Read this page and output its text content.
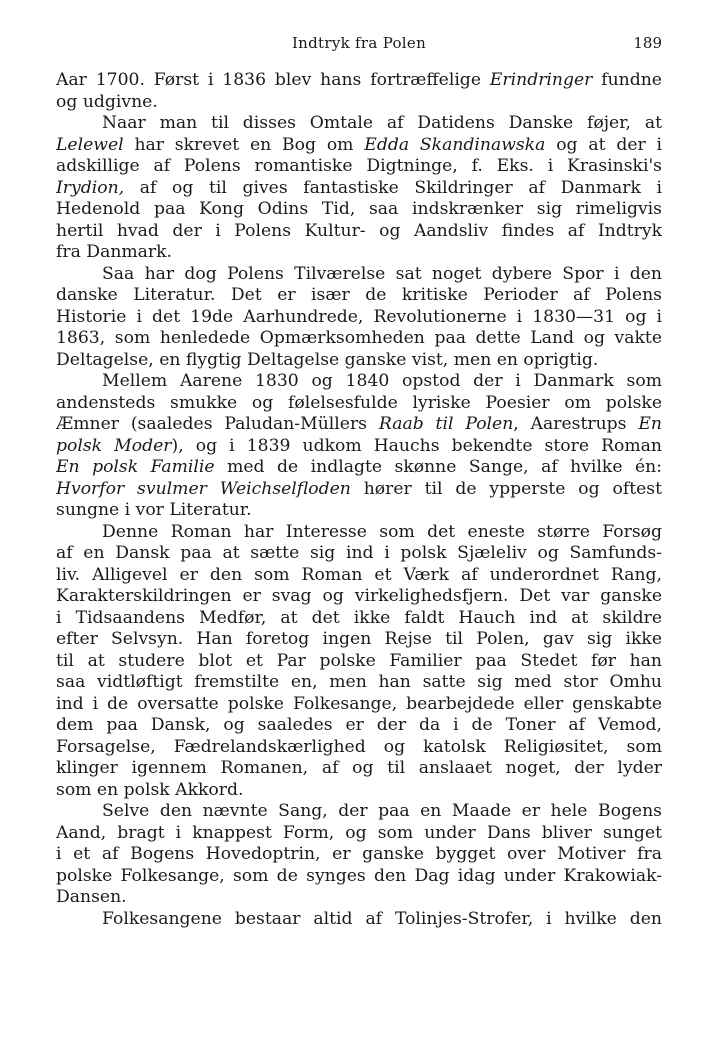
Indtryk fra Polen	189
Aar 1700. Først i 1836 blev hans fortræffelige Erindringer fundne
og udgivne.
Naar man til disses Omtale af Datidens Danske føjer, at
Lelewel har skrevet en Bog om Edda Skandinawska og at der i
adskillige af Polens romantiske Digtninge, f. Eks. i Krasinski's
Irydion, af og til gives fantastiske Skildringer af Danmark i
Hedenold paa Kong Odins Tid, saa indskrænker sig rimeligvis
hertil hvad der i Polens Kultur- og Aandsliv findes af Indtryk
fra Danmark.
Saa har dog Polens Tilværelse sat noget dybere Spor i den
danske Literatur. Det er især de kritiske Perioder af Polens
Historie i det 19de Aarhundrede, Revolutionerne i 1830—31 og i
1863, som henledede Opmærksomheden paa dette Land og vakte
Deltagelse, en flygtig Deltagelse ganske vist, men en oprigtig.
Mellem Aarene 1830 og 1840 opstod der i Danmark som
andensteds smukke og følelsesfulde lyriske Poesier om polske
Æmner (saaledes Paludan-Müllers Raab til Polen, Aarestrups En
polsk Moder), og i 1839 udkom Hauchs bekendte store Roman
En polsk Familie med de indlagte skønne Sange, af hvilke én:
Hvorfor svulmer Weichselfloden hører til de ypperste og oftest
sungne i vor Literatur.
Denne Roman har Interesse som det eneste større Forsøg
af en Dansk paa at sætte sig ind i polsk Sjæleliv og Samfunds-
liv. Alligevel er den som Roman et Værk af underordnet Rang,
Karakterskildringen er svag og virkelighedsfjern. Det var ganske
i Tidsaandens Medfør, at det ikke faldt Hauch ind at skildre
efter Selvsyn. Han foretog ingen Rejse til Polen, gav sig ikke
til at studere blot et Par polske Familier paa Stedet før han
saa vidtløftigt fremstilte en, men han satte sig med stor Omhu
ind i de oversatte polske Folkesange, bearbejdede eller genskabte
dem paa Dansk, og saaledes er der da i de Toner af Vemod,
Forsagelse, Fædrelandskærlighed og katolsk Religiøsitet, som
klinger igennem Romanen, af og til anslaaet noget, der lyder
som en polsk Akkord.
Selve den nævnte Sang, der paa en Maade er hele Bogens
Aand, bragt i knappest Form, og som under Dans bliver sunget
i et af Bogens Hovedoptrin, er ganske bygget over Motiver fra
polske Folkesange, som de synges den Dag idag under Krakowiak-
Dansen.
Folkesangene bestaar altid af Tolinjes-Strofer, i hvilke den
